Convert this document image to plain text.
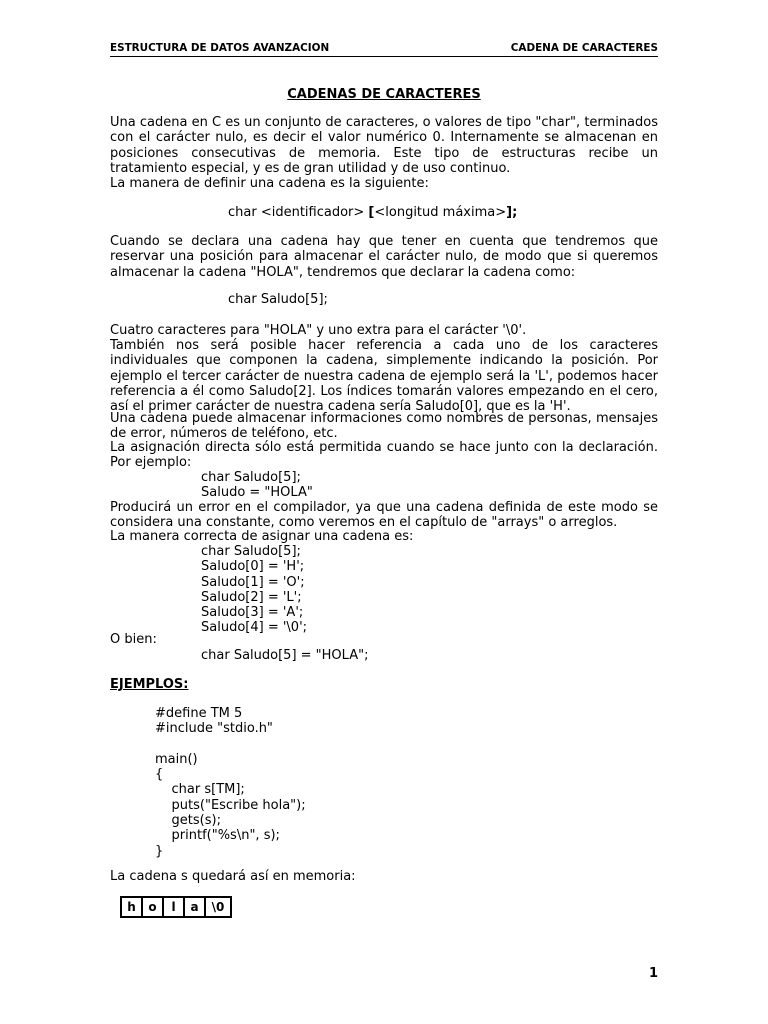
ESTRUCTURA DE DATOS AVANZACION	CADENA DE CARACTERES
CADENAS DE CARACTERES
Una cadena en C es un conjunto de caracteres, o valores de tipo "char", terminados con el carácter nulo, es decir el valor numérico 0. Internamente se almacenan en posiciones consecutivas de memoria. Este tipo de estructuras recibe un tratamiento especial, y es de gran utilidad y de uso continuo.
La manera de definir una cadena es la siguiente:
char <identificador> [<longitud máxima>];
Cuando se declara una cadena hay que tener en cuenta que tendremos que reservar una posición para almacenar el carácter nulo, de modo que si queremos almacenar la cadena "HOLA", tendremos que declarar la cadena como:
char Saludo[5];
Cuatro caracteres para "HOLA" y uno extra para el carácter '\0'.
También nos será posible hacer referencia a cada uno de los caracteres individuales que componen la cadena, simplemente indicando la posición. Por ejemplo el tercer carácter de nuestra cadena de ejemplo será la 'L', podemos hacer referencia a él como Saludo[2]. Los índices tomarán valores empezando en el cero, así el primer carácter de nuestra cadena sería Saludo[0], que es la 'H'.
Una cadena puede almacenar informaciones como nombres de personas, mensajes de error, números de teléfono, etc.
La asignación directa sólo está permitida cuando se hace junto con la declaración. Por ejemplo:
char Saludo[5];
Saludo = "HOLA"
Producirá un error en el compilador, ya que una cadena definida de este modo se considera una constante, como veremos en el capítulo de "arrays" o arreglos.
La manera correcta de asignar una cadena es:
char Saludo[5];
Saludo[0] = 'H';
Saludo[1] = 'O';
Saludo[2] = 'L';
Saludo[3] = 'A';
Saludo[4] = '\0';
O bien:
char Saludo[5] = "HOLA";
EJEMPLOS:
#define TM 5
#include "stdio.h"

main()
{
char s[TM];
puts("Escribe hola");
gets(s);
printf("%s\n", s);
}
La cadena s quedará así en memoria:
h	o	l	a	\0
1
